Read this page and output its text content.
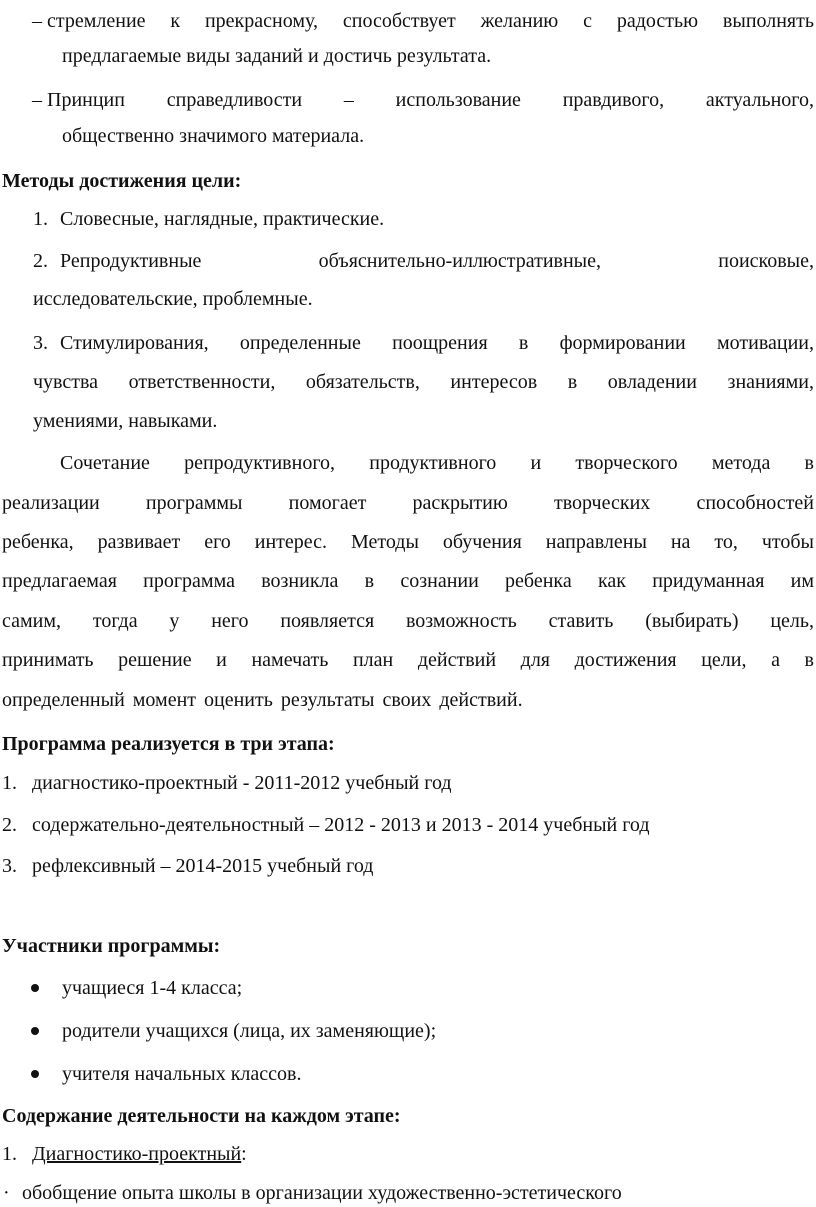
– стремление к прекрасному, способствует желанию с радостью выполнять
предлагаемые виды заданий и достичь результата.
– Принцип справедливости – использование правдивого, актуального,
общественно значимого материала.
Методы достижения цели:
1. Словесные, наглядные, практические.
2. Репродуктивные объяснительно-иллюстративные, поисковые,
исследовательские, проблемные.
3. Стимулирования, определенные поощрения в формировании мотивации,
чувства ответственности, обязательств, интересов в овладении знаниями,
умениями, навыками.
Сочетание репродуктивного, продуктивного и творческого метода в
реализации программы помогает раскрытию творческих способностей
ребенка, развивает его интерес. Методы обучения направлены на то, чтобы
предлагаемая программа возникла в сознании ребенка как придуманная им
самим, тогда у него появляется возможность ставить (выбирать) цель,
принимать решение и намечать план действий для достижения цели, а в
определенный момент оценить результаты своих действий.
Программа реализуется в три этапа:
1. диагностико-проектный - 2011-2012 учебный год
2. содержательно-деятельностный – 2012 - 2013 и 2013 - 2014 учебный год
3. рефлексивный – 2014-2015 учебный год
Участники программы:
учащиеся 1-4 класса;
родители учащихся (лица, их заменяющие);
учителя начальных классов.
Содержание деятельности на каждом этапе:
1. Диагностико-проектный:
· обобщение опыта школы в организации художественно-эстетического
